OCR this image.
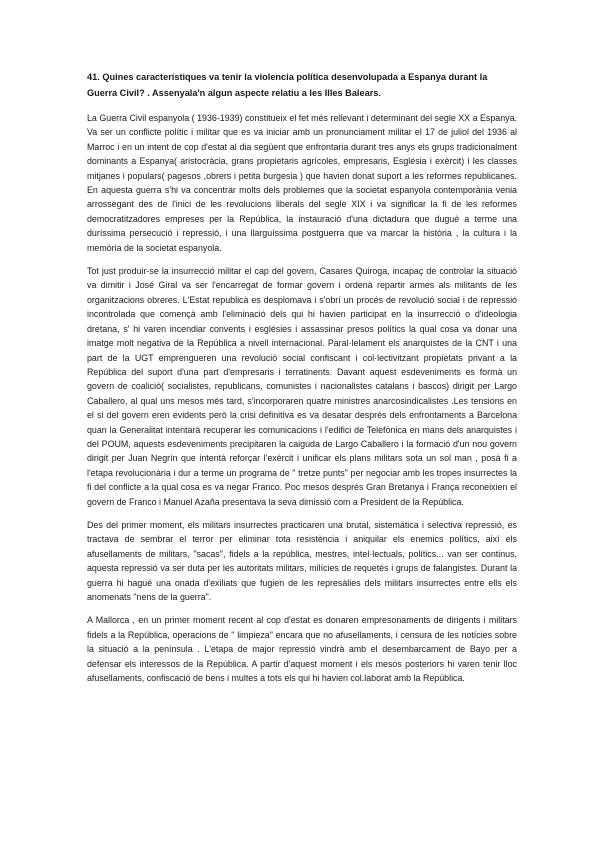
41. Quines característiques va tenir la violencia política desenvolupada a Espanya durant la Guerra Civil? . Assenyala'n algun aspecte relatiu a les Illes Balears.

La Guerra Civil espanyola ( 1936-1939) constitueix el fet més rellevant i determinant del segle XX a Espanya. Va ser un conflicte polític i militar que es va iniciar amb un pronunciament militar el 17 de juliol del 1936 al Marroc i en un intent de cop d'estat al dia següent que enfrontaria durant tres anys els grups tradicionalment dominants a Espanya( aristocràcia, grans propietaris agrícoles, empresaris, Església i exèrcit) i les classes mitjanes i populars( pagesos ,obrers i petita burgesia ) que havien donat suport a les reformes republicanes. En aquesta guerra s'hi va concentrar molts dels problemes que la societat espanyola contemporània venia arrossegant des de l'inici de les revolucions liberals del segle XIX i va significar la fi de les reformes democratitzadores empreses per la República, la instauració d'una dictadura que duguè a terme una duríssima persecució i repressió, i una llarguíssima postguerra que va marcar la història , la cultura i la memòria de la societat espanyola.

Tot just produir-se la insurrecció militar el cap del govern, Casares Quiroga, incapaç de controlar la situació va dimitir i José Giral va ser l'encarregat de formar govern i ordenà repartir armes als militants de les organitzacions obreres. L'Estat republicà es desplomava i s'obrí un procés de revolució social i de repressió incontrolada que començà amb l'eliminació dels qui hi havien participat en la insurrecció o d'ideologia dretana, s' hi varen incendiar convents i esglésies i assassinar presos polítics la qual cosa va donar una imatge molt negativa de la República a nivell internacional. Paral·lelament els anarquistes de la CNT i una part de la UGT emprengueren una revolució social confiscant i col·lectivitzant propietats privant a la República del suport d'una part d'empresaris i terratinents. Davant aquest esdeveniments es formà un govern de coalició( socialistes, republicans, comunistes i nacionalistes catalans i bascos) dirigit per Largo Caballero, al qual uns mesos més tard, s'incorporaren quatre ministres anarcosindicalistes .Les tensions en el si del govern eren evidents però la crisi definitiva es va desatar després dels enfrontaments a Barcelona quan la Generalitat intentarà recuperar les comunicacions i l'edifici de Telefònica en mans dels anarquistes i del POUM, aquests esdeveniments precipitaren la caiguda de Largo Caballero i la formació d'un nou govern dirigit per Juan Negrín que intentà reforçar l'exèrcit i unificar els plans militars sota un sol man , posà fi a l'etapa revolucionària i dur a terme un programa de " tretze punts" per negociar amb les tropes insurrectes la fi del conflicte a la qual cosa es va negar Franco. Poc mesos després Gran Bretanya i França reconeixien el govern de Franco i Manuel Azaña presentava la seva dimissió com a President de la República.

Des del primer moment, els militars insurrectes practicaren una brutal, sistemàtica i selectiva repressió, es tractava de sembrar el terror per eliminar tota resistència i aniquilar els enemics polítics, així els afusellaments de militars, "sacas", fidels a la república, mestres, intel·lectuals, polítics... van ser continus, aquesta repressió va ser duta per les autoritats militars, milícies de requetès i grups de falangistes. Durant la guerra hi hagué una onada d'exiliats que fugien de les represàlies dels militars insurrectes entre ells els anomenats "nens de la guerra".

A Mallorca , en un primer moment recent al cop d'estat es donaren empresonaments de dirigents i militars fidels a la República, operacions de " limpieza" encara que no afusellaments, i censura de les notícies sobre la situació a la península . L'etapa de major repressió vindrà amb el desembarcament de Bayo per a defensar els interessos de la República. A partir d'aquest moment i els mesos posteriors hi varen tenir lloc afusellaments, confiscació de bens i multes a tots els qui hi havien col.laborat amb la República.
